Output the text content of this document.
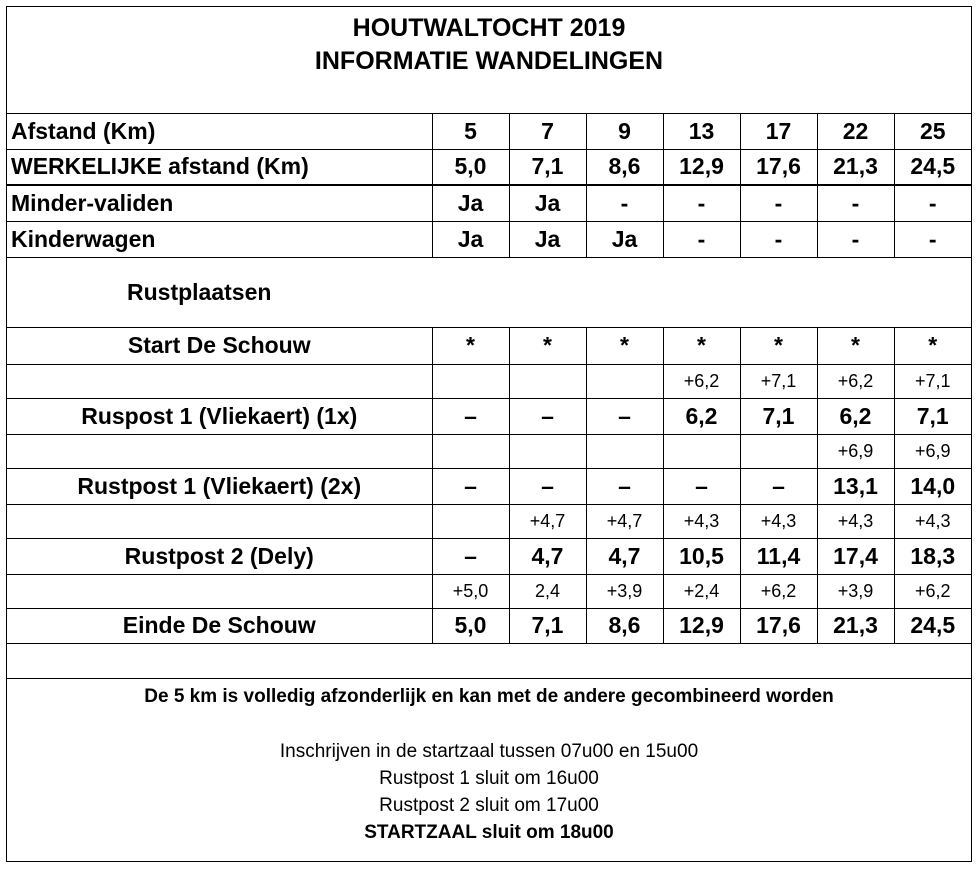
HOUTWALTOCHT 2019
INFORMATIE WANDELINGEN
Afstand (Km)	5	7	9	13	17	22	25
WERKELIJKE afstand (Km)	5,0	7,1	8,6	12,9	17,6	21,3	24,5
Minder-validen	Ja	Ja	-	-	-	-	-
Kinderwagen	Ja	Ja	Ja	-	-	-	-
Rustplaatsen							
Start De Schouw	*	*	*	*	*	*	*
				+6,2	+7,1	+6,2	+7,1
Ruspost 1 (Vliekaert) (1x)	–	–	–	6,2	7,1	6,2	7,1
						+6,9	+6,9
Rustpost 1 (Vliekaert) (2x)	–	–	–	–	–	13,1	14,0
		+4,7	+4,7	+4,3	+4,3	+4,3	+4,3
Rustpost 2 (Dely)	–	4,7	4,7	10,5	11,4	17,4	18,3
	+5,0	2,4	+3,9	+2,4	+6,2	+3,9	+6,2
Einde De Schouw	5,0	7,1	8,6	12,9	17,6	21,3	24,5

De 5 km is volledig afzonderlijk en kan met de andere gecombineerd worden
Inschrijven in de startzaal tussen 07u00 en 15u00
Rustpost 1 sluit om 16u00
Rustpost 2 sluit om 17u00
STARTZAAL sluit om 18u00
